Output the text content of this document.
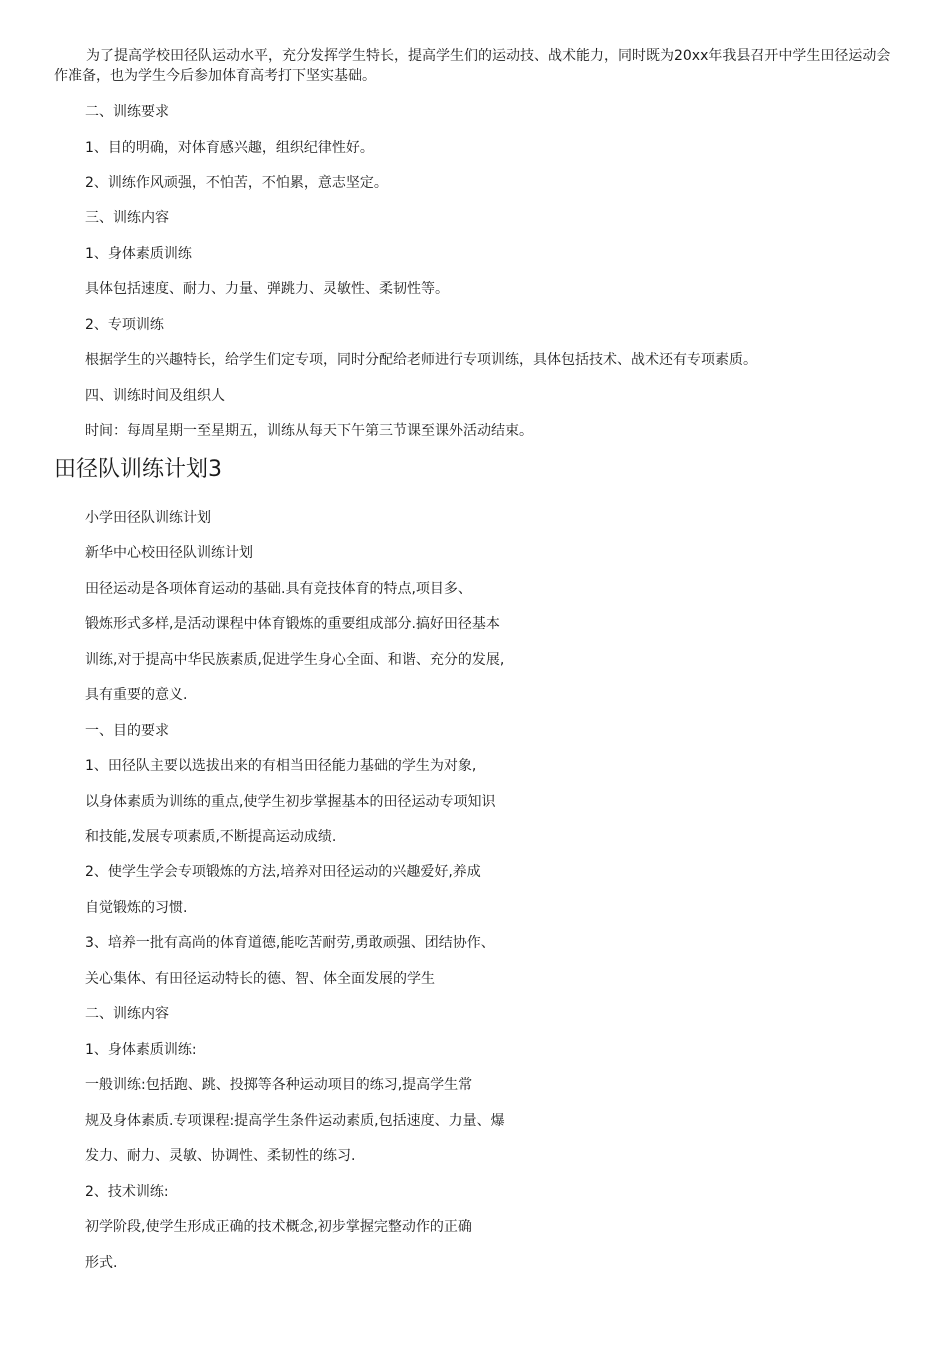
为了提高学校田径队运动水平，充分发挥学生特长，提高学生们的运动技、战术能力，同时既为20xx年我县召开中学生田径运动会作准备，也为学生今后参加体育高考打下坚实基础。

二、训练要求

1、目的明确，对体育感兴趣，组织纪律性好。

2、训练作风顽强，不怕苦，不怕累，意志坚定。

三、训练内容

1、身体素质训练

具体包括速度、耐力、力量、弹跳力、灵敏性、柔韧性等。

2、专项训练

根据学生的兴趣特长，给学生们定专项，同时分配给老师进行专项训练，具体包括技术、战术还有专项素质。

四、训练时间及组织人

时间：每周星期一至星期五，训练从每天下午第三节课至课外活动结束。

田径队训练计划3

小学田径队训练计划

新华中心校田径队训练计划

田径运动是各项体育运动的基础.具有竞技体育的特点,项目多、

锻炼形式多样,是活动课程中体育锻炼的重要组成部分.搞好田径基本

训练,对于提高中华民族素质,促进学生身心全面、和谐、充分的发展,

具有重要的意义.

一、目的要求

1、田径队主要以选拔出来的有相当田径能力基础的学生为对象,

以身体素质为训练的重点,使学生初步掌握基本的田径运动专项知识

和技能,发展专项素质,不断提高运动成绩.

2、使学生学会专项锻炼的方法,培养对田径运动的兴趣爱好,养成

自觉锻炼的习惯.

3、培养一批有高尚的体育道德,能吃苦耐劳,勇敢顽强、团结协作、

关心集体、有田径运动特长的德、智、体全面发展的学生

二、训练内容

1、身体素质训练:

一般训练:包括跑、跳、投掷等各种运动项目的练习,提高学生常

规及身体素质.专项课程:提高学生条件运动素质,包括速度、力量、爆

发力、耐力、灵敏、协调性、柔韧性的练习.

2、技术训练:

初学阶段,使学生形成正确的技术概念,初步掌握完整动作的正确

形式.
